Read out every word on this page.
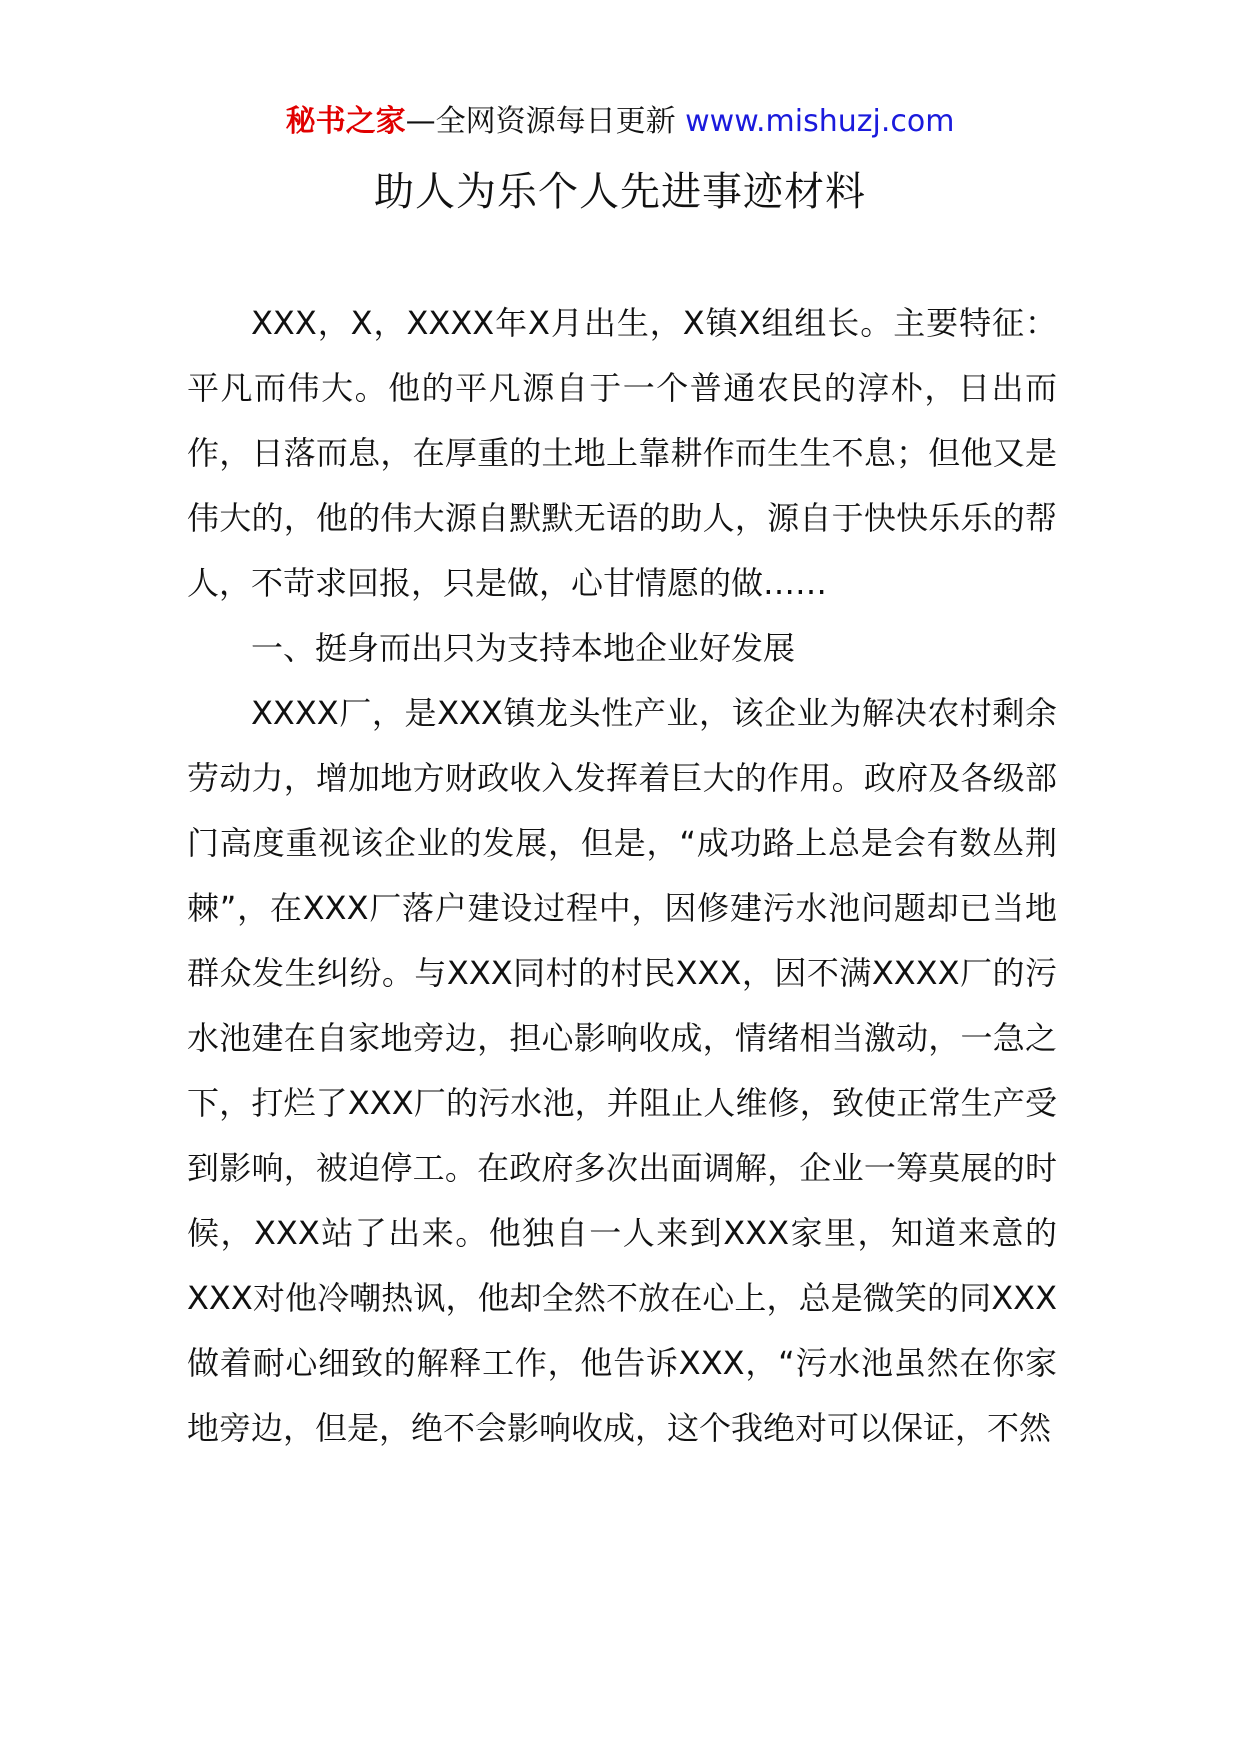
秘书之家—全网资源每日更新 www.mishuzj.com
助人为乐个人先进事迹材料

XXX，X，XXXX年X月出生，X镇X组组长。主要特征：平凡而伟大。他的平凡源自于一个普通农民的淳朴，日出而作，日落而息，在厚重的土地上靠耕作而生生不息；但他又是伟大的，他的伟大源自默默无语的助人，源自于快快乐乐的帮人，不苛求回报，只是做，心甘情愿的做……

一、挺身而出只为支持本地企业好发展

XXXX厂，是XXX镇龙头性产业，该企业为解决农村剩余劳动力，增加地方财政收入发挥着巨大的作用。政府及各级部门高度重视该企业的发展，但是，“成功路上总是会有数丛荆棘”，在XXX厂落户建设过程中，因修建污水池问题却已当地群众发生纠纷。与XXX同村的村民XXX，因不满XXXX厂的污水池建在自家地旁边，担心影响收成，情绪相当激动，一急之下，打烂了XXX厂的污水池，并阻止人维修，致使正常生产受到影响，被迫停工。在政府多次出面调解，企业一筹莫展的时候，XXX站了出来。他独自一人来到XXX家里，知道来意的XXX对他冷嘲热讽，他却全然不放在心上，总是微笑的同XXX做着耐心细致的解释工作，他告诉XXX，“污水池虽然在你家地旁边，但是，绝不会影响收成，这个我绝对可以保证，不然
